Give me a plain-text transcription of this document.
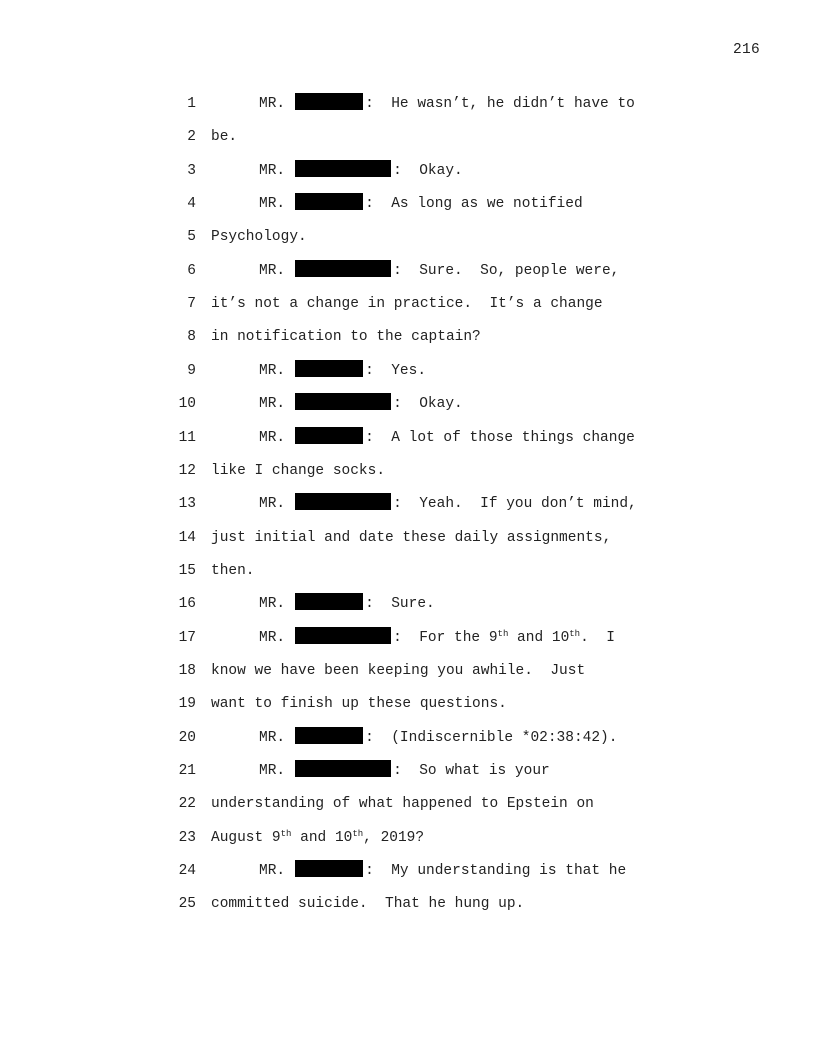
216
1	MR.	: He wasn’t, he didn’t have to
2 be.
3	MR.	: Okay.
4	MR.	: As long as we notified
5 Psychology.
6	MR.	: Sure.  So, people were,
7 it’s not a change in practice.  It’s a change
8 in notification to the captain?
9	MR.	: Yes.
10	MR.	: Okay.
11	MR.	: A lot of those things change
12 like I change socks.
13	MR.	: Yeah.  If you don’t mind,
14 just initial and date these daily assignments,
15 then.
16	MR.	: Sure.
17	MR.	: For the 9th and 10th.  I
18 know we have been keeping you awhile.  Just
19 want to finish up these questions.
20	MR.	: (Indiscernible *02:38:42).
21	MR.	: So what is your
22 understanding of what happened to Epstein on
23 August 9th and 10th, 2019?
24	MR.	: My understanding is that he
25 committed suicide.  That he hung up.
